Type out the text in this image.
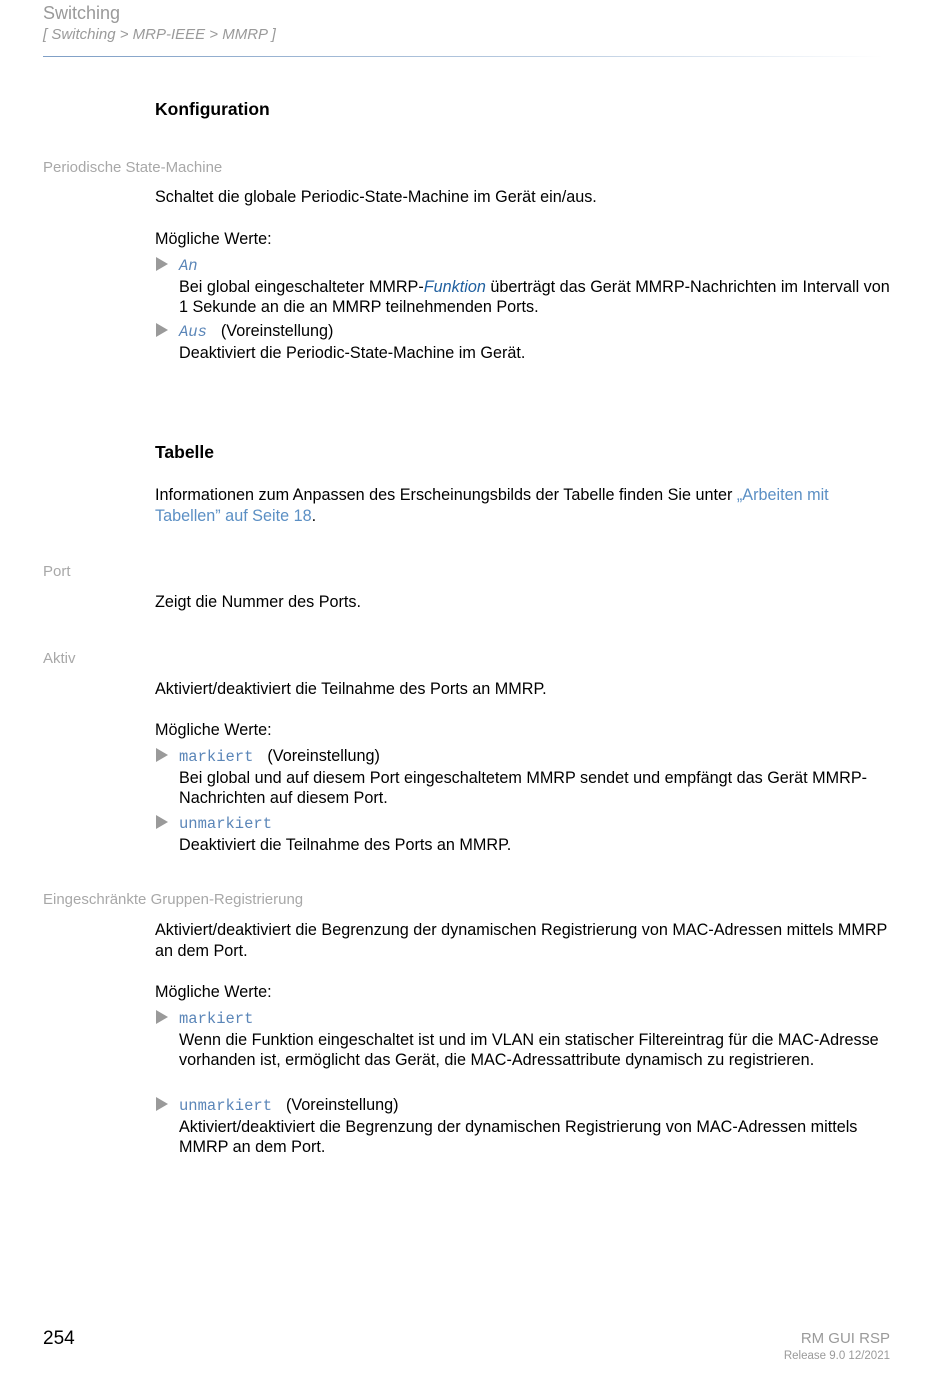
Switching
[ Switching > MRP-IEEE > MMRP ]
Konfiguration
Periodische State-Machine
Schaltet die globale Periodic-State-Machine im Gerät ein/aus.
Mögliche Werte:
An
Bei global eingeschalteter MMRP-Funktion überträgt das Gerät MMRP-Nachrichten im Intervall von 1 Sekunde an die an MMRP teilnehmenden Ports.
Aus (Voreinstellung)
Deaktiviert die Periodic-State-Machine im Gerät.
Tabelle
Informationen zum Anpassen des Erscheinungsbilds der Tabelle finden Sie unter „Arbeiten mit Tabellen” auf Seite 18.
Port
Zeigt die Nummer des Ports.
Aktiv
Aktiviert/deaktiviert die Teilnahme des Ports an MMRP.
Mögliche Werte:
markiert (Voreinstellung)
Bei global und auf diesem Port eingeschaltetem MMRP sendet und empfängt das Gerät MMRP-Nachrichten auf diesem Port.
unmarkiert
Deaktiviert die Teilnahme des Ports an MMRP.
Eingeschränkte Gruppen-Registrierung
Aktiviert/deaktiviert die Begrenzung der dynamischen Registrierung von MAC-Adressen mittels MMRP an dem Port.
Mögliche Werte:
markiert
Wenn die Funktion eingeschaltet ist und im VLAN ein statischer Filtereintrag für die MAC-Adresse vorhanden ist, ermöglicht das Gerät, die MAC-Adressattribute dynamisch zu registrieren.
unmarkiert (Voreinstellung)
Aktiviert/deaktiviert die Begrenzung der dynamischen Registrierung von MAC-Adressen mittels MMRP an dem Port.
254	RM GUI RSP
Release 9.0 12/2021
